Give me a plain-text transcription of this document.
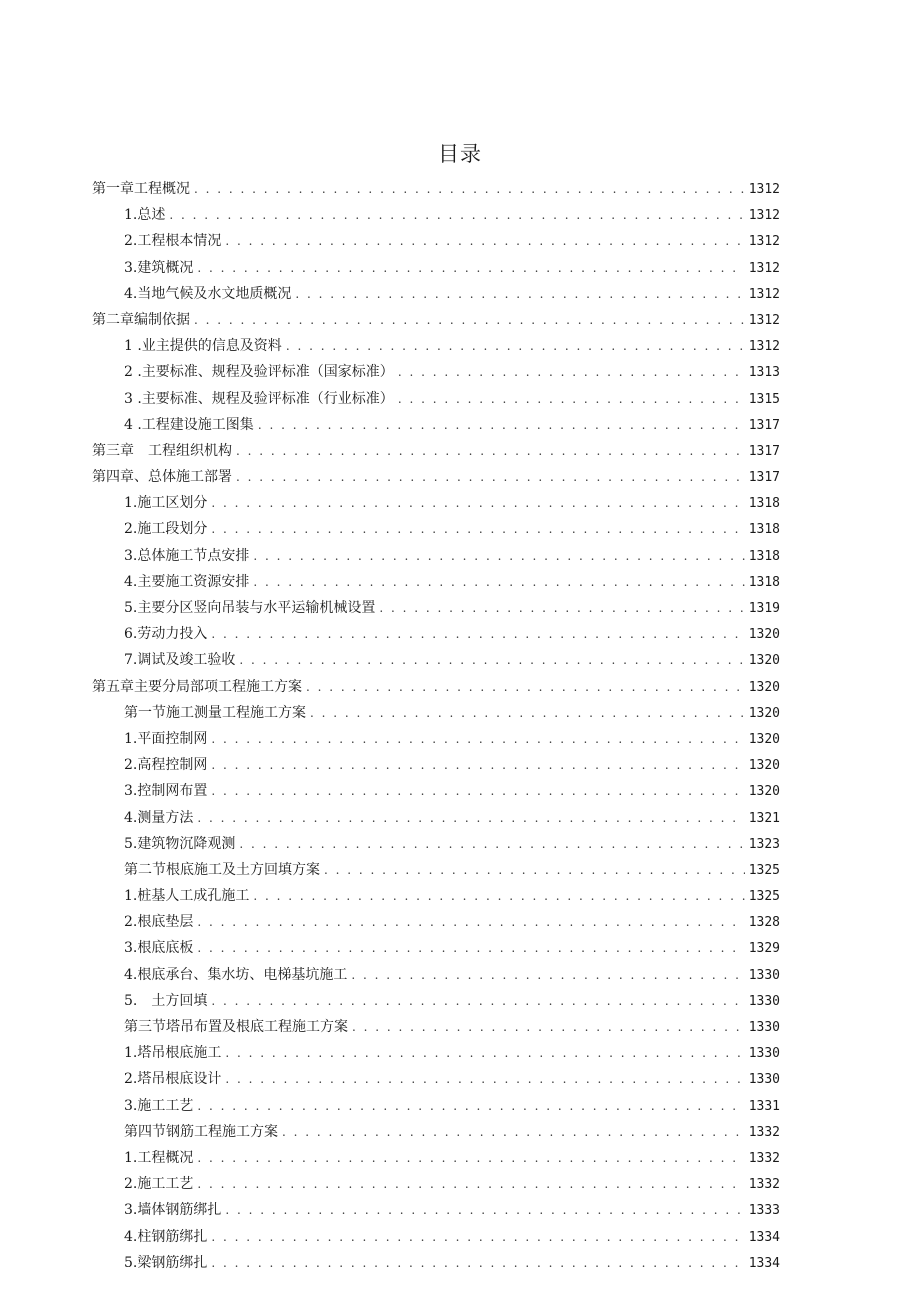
目录
第一章工程概况 . . .	1312
1.总述 . . .	1312
2.工程根本情况 . . .	1312
3.建筑概况 . . .	1312
4.当地气候及水文地质概况 . . .	1312
第二章编制依据 . . .	1312
1 .业主提供的信息及资料 . . .	1312
2 .主要标准、规程及验评标准（国家标准） . . .	1313
3 .主要标准、规程及验评标准（行业标准） . . .	1315
4 .工程建设施工图集 . . .	1317
第三章　工程组织机构 . . .	1317
第四章、总体施工部署 . . .	1317
1.施工区划分 . . .	1318
2.施工段划分 . . .	1318
3.总体施工节点安排 . . .	1318
4.主要施工资源安排 . . .	1318
5.主要分区竖向吊装与水平运输机械设置 . . .	1319
6.劳动力投入 . . .	1320
7.调试及竣工验收 . . .	1320
第五章主要分局部项工程施工方案 . . .	1320
第一节施工测量工程施工方案 . . .	1320
1.平面控制网 . . .	1320
2.高程控制网 . . .	1320
3.控制网布置 . . .	1320
4.测量方法 . . .	1321
5.建筑物沉降观测 . . .	1323
第二节根底施工及土方回填方案 . . .	1325
1.桩基人工成孔施工 . . .	1325
2.根底垫层 . . .	1328
3.根底底板 . . .	1329
4.根底承台、集水坊、电梯基坑施工 . . .	1330
5.　土方回填 . . .	1330
第三节塔吊布置及根底工程施工方案 . . .	1330
1.塔吊根底施工 . . .	1330
2.塔吊根底设计 . . .	1330
3.施工工艺 . . .	1331
第四节钢筋工程施工方案 . . .	1332
1.工程概况 . . .	1332
2.施工工艺 . . .	1332
3.墙体钢筋绑扎 . . .	1333
4.柱钢筋绑扎 . . .	1334
5.梁钢筋绑扎 . . .	1334
